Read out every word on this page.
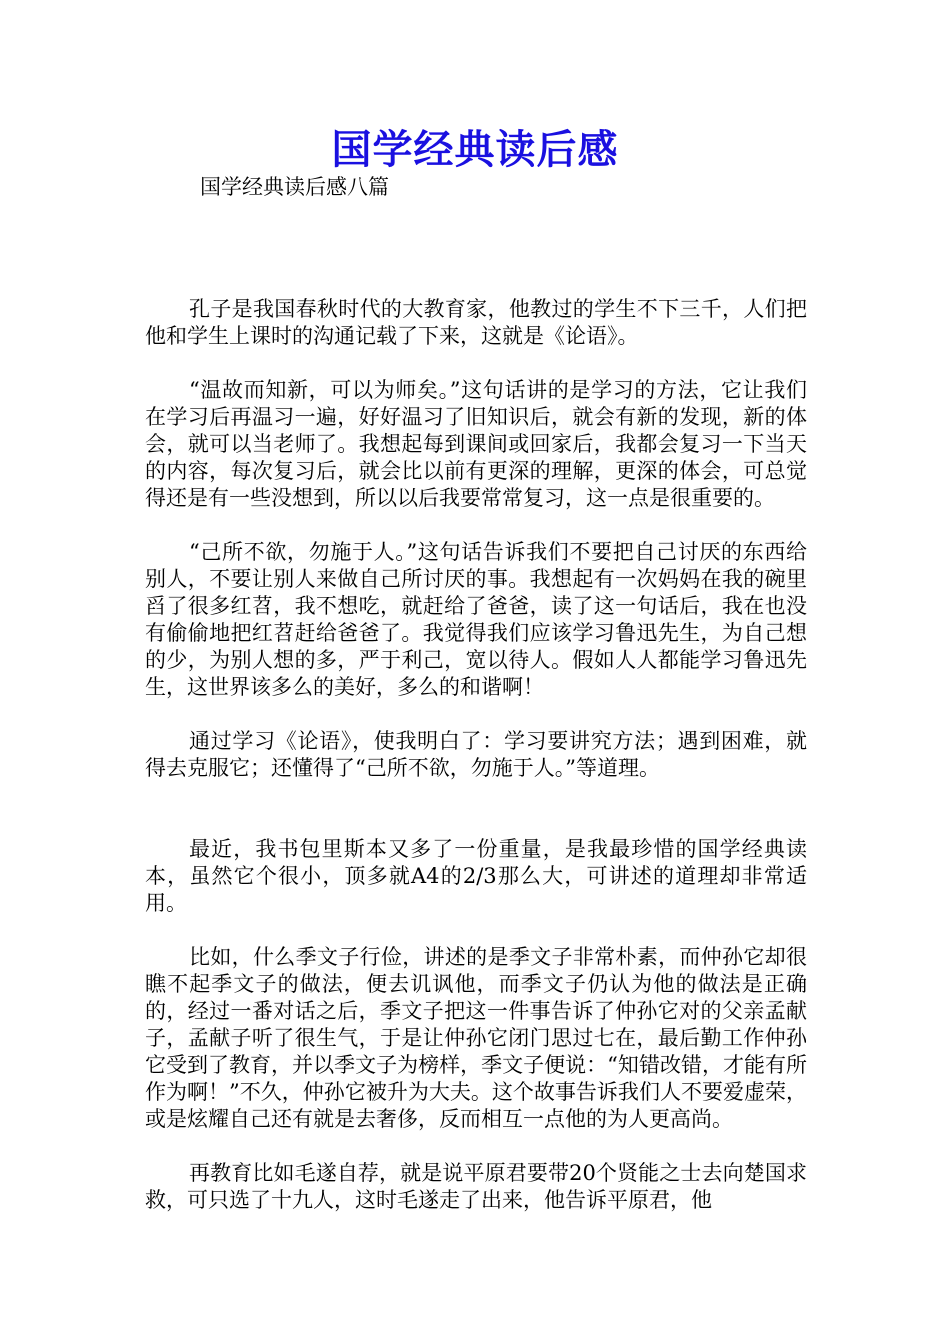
国学经典读后感
国学经典读后感八篇

孔子是我国春秋时代的大教育家，他教过的学生不下三千，人们把他和学生上课时的沟通记载了下来，这就是《论语》。

“温故而知新，可以为师矣。”这句话讲的是学习的方法，它让我们在学习后再温习一遍，好好温习了旧知识后，就会有新的发现，新的体会，就可以当老师了。我想起每到课间或回家后，我都会复习一下当天的内容，每次复习后，就会比以前有更深的理解，更深的体会，可总觉得还是有一些没想到，所以以后我要常常复习，这一点是很重要的。

“己所不欲，勿施于人。”这句话告诉我们不要把自己讨厌的东西给别人，不要让别人来做自己所讨厌的事。我想起有一次妈妈在我的碗里舀了很多红苕，我不想吃，就赶给了爸爸，读了这一句话后，我在也没有偷偷地把红苕赶给爸爸了。我觉得我们应该学习鲁迅先生，为自己想的少，为别人想的多，严于利己，宽以待人。假如人人都能学习鲁迅先生，这世界该多么的美好，多么的和谐啊！

通过学习《论语》，使我明白了：学习要讲究方法；遇到困难，就得去克服它；还懂得了“己所不欲，勿施于人。”等道理。

最近，我书包里斯本又多了一份重量，是我最珍惜的国学经典读本，虽然它个很小，顶多就A4的2/3那么大，可讲述的道理却非常适用。

比如，什么季文子行俭，讲述的是季文子非常朴素，而仲孙它却很瞧不起季文子的做法，便去讥讽他，而季文子仍认为他的做法是正确的，经过一番对话之后，季文子把这一件事告诉了仲孙它对的父亲孟献子，孟献子听了很生气，于是让仲孙它闭门思过七在，最后勤工作仲孙它受到了教育，并以季文子为榜样，季文子便说：“知错改错，才能有所作为啊！”不久，仲孙它被升为大夫。这个故事告诉我们人不要爱虚荣，或是炫耀自己还有就是去奢侈，反而相互一点他的为人更高尚。

再教育比如毛遂自荐，就是说平原君要带20个贤能之士去向楚国求救，可只选了十九人，这时毛遂走了出来，他告诉平原君，他
